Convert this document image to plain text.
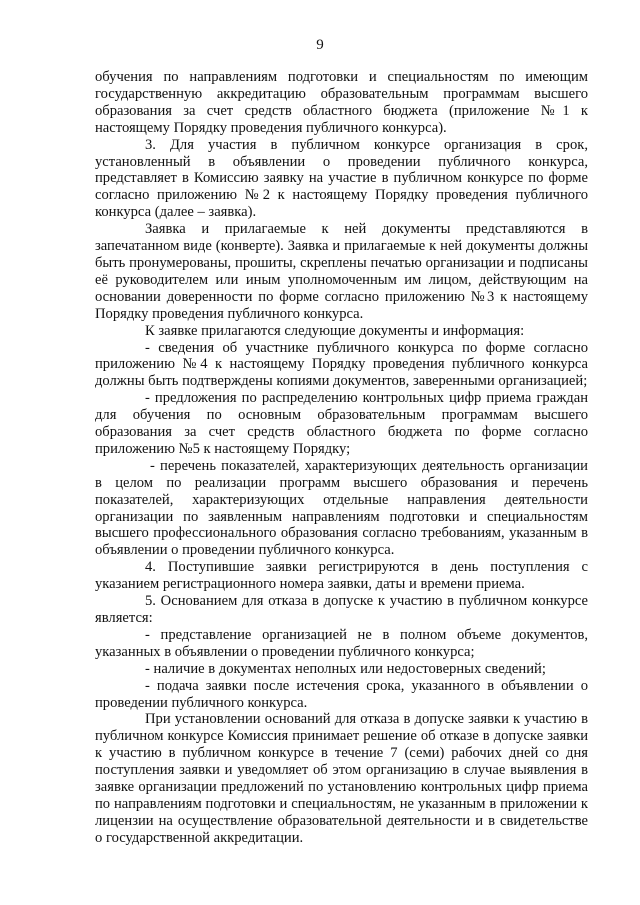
9

обучения по направлениям подготовки и специальностям по имеющим государственную аккредитацию образовательным программам высшего образования за счет средств областного бюджета (приложение №1 к настоящему Порядку проведения публичного конкурса).

3. Для участия в публичном конкурсе организация в срок, установленный в объявлении о проведении публичного конкурса, представляет в Комиссию заявку на участие в публичном конкурсе по форме согласно приложению №2 к настоящему Порядку проведения публичного конкурса (далее – заявка).

Заявка и прилагаемые к ней документы представляются в запечатанном виде (конверте). Заявка и прилагаемые к ней документы должны быть пронумерованы, прошиты, скреплены печатью организации и подписаны её руководителем или иным уполномоченным им лицом, действующим на основании доверенности по форме согласно приложению №3 к настоящему Порядку проведения публичного конкурса.

К заявке прилагаются следующие документы и информация:

- сведения об участнике публичного конкурса по форме согласно приложению №4 к настоящему Порядку проведения публичного конкурса должны быть подтверждены копиями документов, заверенными организацией;

- предложения по распределению контрольных цифр приема граждан для обучения по основным образовательным программам высшего образования за счет средств областного бюджета по форме согласно приложению №5 к настоящему Порядку;

- перечень показателей, характеризующих деятельность организации в целом по реализации программ высшего образования и перечень показателей, характеризующих отдельные направления деятельности организации по заявленным направлениям подготовки и специальностям высшего профессионального образования согласно требованиям, указанным в объявлении о проведении публичного конкурса.

4. Поступившие заявки регистрируются в день поступления с указанием регистрационного номера заявки, даты и времени приема.

5. Основанием для отказа в допуске к участию в публичном конкурсе является:

- представление организацией не в полном объеме документов, указанных в объявлении о проведении публичного конкурса;

- наличие в документах неполных или недостоверных сведений;

- подача заявки после истечения срока, указанного в объявлении о проведении публичного конкурса.

При установлении оснований для отказа в допуске заявки к участию в публичном конкурсе Комиссия принимает решение об отказе в допуске заявки к участию в публичном конкурсе в течение 7 (семи) рабочих дней со дня поступления заявки и уведомляет об этом организацию в случае выявления в заявке организации предложений по установлению контрольных цифр приема по направлениям подготовки и специальностям, не указанным в приложении к лицензии на осуществление образовательной деятельности и в свидетельстве о государственной аккредитации.
